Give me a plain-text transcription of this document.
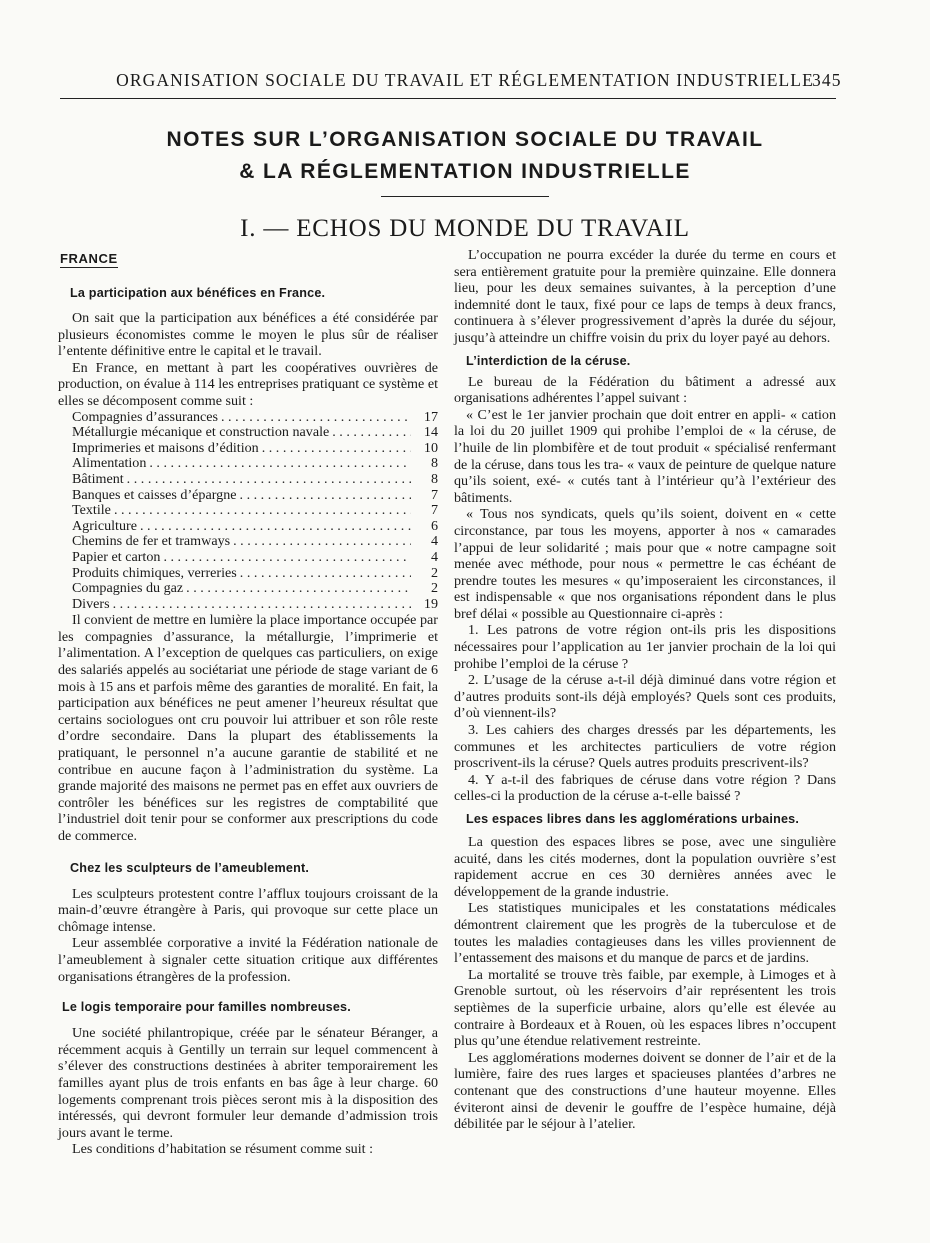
ORGANISATION SOCIALE DU TRAVAIL ET RÉGLEMENTATION INDUSTRIELLE
345
NOTES SUR L’ORGANISATION SOCIALE DU TRAVAIL
& LA RÉGLEMENTATION INDUSTRIELLE
I. — ECHOS DU MONDE DU TRAVAIL
FRANCE
La participation aux bénéfices en France.

On sait que la participation aux bénéfices a été considérée par plusieurs économistes comme le moyen le plus sûr de réaliser l’entente définitive entre le capital et le travail.

En France, en mettant à part les coopératives ouvrières de production, on évalue à 114 les entreprises pratiquant ce système et elles se décomposent comme suit :

Compagnies d’assurances . . .	17
Métallurgie mécanique et construction navale . . .	14
Imprimeries et maisons d’édition . . .	10
Alimentation . . .	8
Bâtiment . . .	8
Banques et caisses d’épargne . . .	7
Textile . . .	7
Agriculture . . .	6
Chemins de fer et tramways . . .	4
Papier et carton . . .	4
Produits chimiques, verreries . . .	2
Compagnies du gaz . . .	2
Divers . . .	19

Il convient de mettre en lumière la place importance occupée par les compagnies d’assurance, la métallurgie, l’imprimerie et l’alimentation. A l’exception de quelques cas particuliers, on exige des salariés appelés au sociétariat une période de stage variant de 6 mois à 15 ans et parfois même des garanties de moralité. En fait, la participation aux bénéfices ne peut amener l’heureux résultat que certains sociologues ont cru pouvoir lui attribuer et son rôle reste d’ordre secondaire. Dans la plupart des établissements la pratiquant, le personnel n’a aucune garantie de stabilité et ne contribue en aucune façon à l’administration du système. La grande majorité des maisons ne permet pas en effet aux ouvriers de contrôler les bénéfices sur les registres de comptabilité que l’industriel doit tenir pour se conformer aux prescriptions du code de commerce.

Chez les sculpteurs de l’ameublement.

Les sculpteurs protestent contre l’afflux toujours croissant de la main-d’œuvre étrangère à Paris, qui provoque sur cette place un chômage intense.

Leur assemblée corporative a invité la Fédération nationale de l’ameublement à signaler cette situation critique aux différentes organisations étrangères de la profession.

Le logis temporaire pour familles nombreuses.

Une société philantropique, créée par le sénateur Béranger, a récemment acquis à Gentilly un terrain sur lequel commencent à s’élever des constructions destinées à abriter temporairement les familles ayant plus de trois enfants en bas âge à leur charge. 60 logements comprenant trois pièces seront mis à la disposition des intéressés, qui devront formuler leur demande d’admission trois jours avant le terme.

Les conditions d’habitation se résument comme suit :

L’occupation ne pourra excéder la durée du terme en cours et sera entièrement gratuite pour la première quinzaine. Elle donnera lieu, pour les deux semaines suivantes, à la perception d’une indemnité dont le taux, fixé pour ce laps de temps à deux francs, continuera à s’élever progressivement d’après la durée du séjour, jusqu’à atteindre un chiffre voisin du prix du loyer payé au dehors.

L’interdiction de la céruse.

Le bureau de la Fédération du bâtiment a adressé aux organisations adhérentes l’appel suivant :

« C’est le 1er janvier prochain que doit entrer en appli- « cation la loi du 20 juillet 1909 qui prohibe l’emploi de « la céruse, de l’huile de lin plombifère et de tout produit « spécialisé renfermant de la céruse, dans tous les tra- « vaux de peinture de quelque nature qu’ils soient, exé- « cutés tant à l’intérieur qu’à l’extérieur des bâtiments.

« Tous nos syndicats, quels qu’ils soient, doivent en « cette circonstance, par tous les moyens, apporter à nos « camarades l’appui de leur solidarité ; mais pour que « notre campagne soit menée avec méthode, pour nous « permettre le cas échéant de prendre toutes les mesures « qu’imposeraient les circonstances, il est indispensable « que nos organisations répondent dans le plus bref délai « possible au Questionnaire ci-après :

1. Les patrons de votre région ont-ils pris les dispositions nécessaires pour l’application au 1er janvier prochain de la loi qui prohibe l’emploi de la céruse ?

2. L’usage de la céruse a-t-il déjà diminué dans votre région et d’autres produits sont-ils déjà employés? Quels sont ces produits, d’où viennent-ils?

3. Les cahiers des charges dressés par les départements, les communes et les architectes particuliers de votre région proscrivent-ils la céruse? Quels autres produits prescrivent-ils?

4. Y a-t-il des fabriques de céruse dans votre région ? Dans celles-ci la production de la céruse a-t-elle baissé ?

Les espaces libres dans les agglomérations urbaines.

La question des espaces libres se pose, avec une singulière acuité, dans les cités modernes, dont la population ouvrière s’est rapidement accrue en ces 30 dernières années avec le développement de la grande industrie.

Les statistiques municipales et les constatations médicales démontrent clairement que les progrès de la tuberculose et de toutes les maladies contagieuses dans les villes proviennent de l’entassement des maisons et du manque de parcs et de jardins.

La mortalité se trouve très faible, par exemple, à Limoges et à Grenoble surtout, où les réservoirs d’air représentent les trois septièmes de la superficie urbaine, alors qu’elle est élevée au contraire à Bordeaux et à Rouen, où les espaces libres n’occupent plus qu’une étendue relativement restreinte.

Les agglomérations modernes doivent se donner de l’air et de la lumière, faire des rues larges et spacieuses plantées d’arbres ne contenant que des constructions d’une hauteur moyenne. Elles éviteront ainsi de devenir le gouffre de l’espèce humaine, déjà débilitée par le séjour à l’atelier.
